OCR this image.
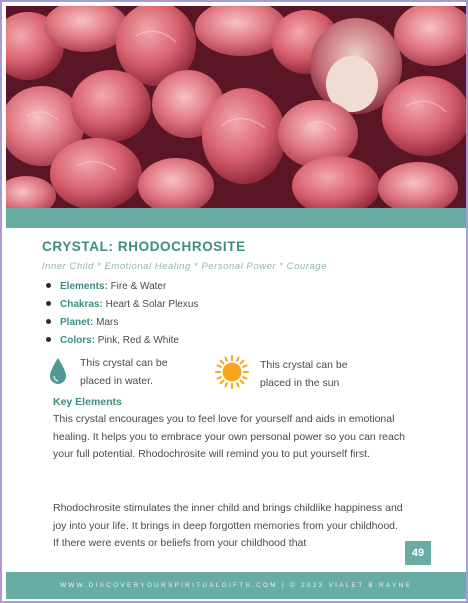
CRYSTAL: RHODOCHROSITE
Inner Child * Emotional Healing * Personal Power * Courage
Elements: Fire & Water
Chakras: Heart & Solar Plexus
Planet: Mars
Colors: Pink, Red & White
This crystal can be placed in water.
This crystal can be placed in the sun
Key Elements

This crystal encourages you to feel love for yourself and aids in emotional healing. It helps you to embrace your own personal power so you can reach your full potential. Rhodochrosite will remind you to put yourself first.

Rhodochrosite stimulates the inner child and brings childlike happiness and joy into your life. It brings in deep forgotten memories from your childhood. If there were events or beliefs from your childhood that

49
WWW.DISCOVERYOURSPIRITUALGIFTS.COM | © 2023 VIALET B RAYNE
